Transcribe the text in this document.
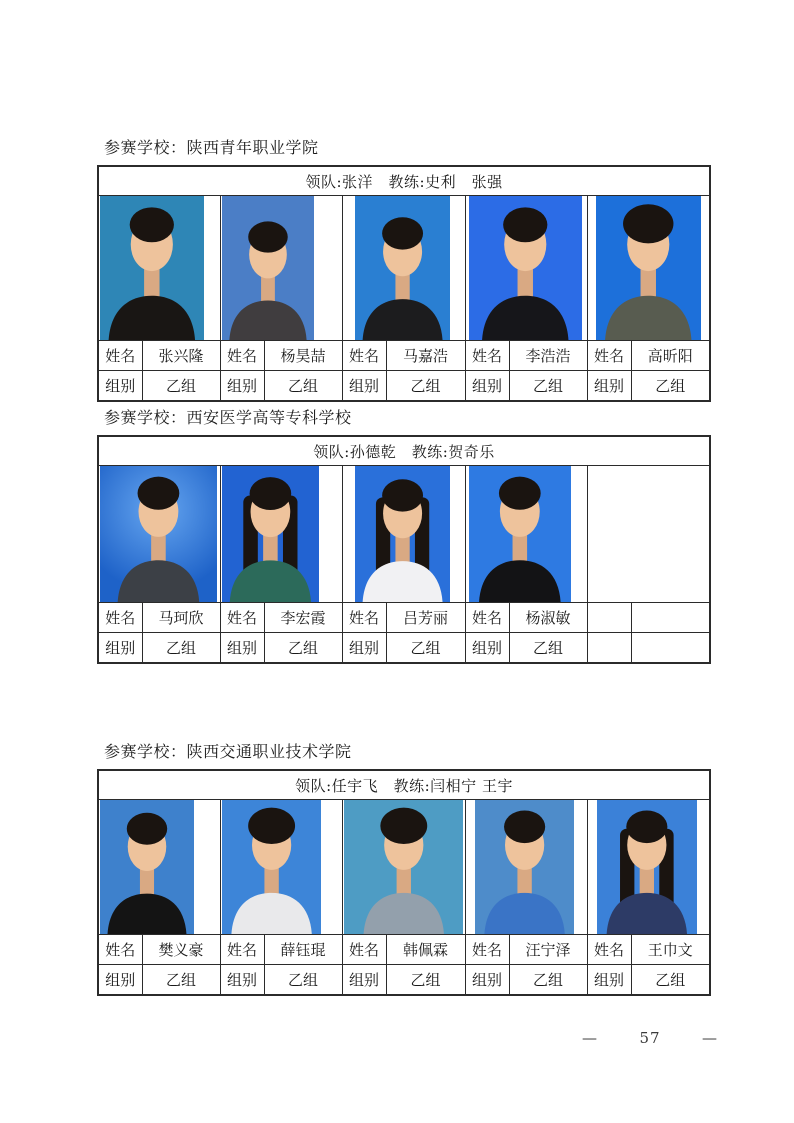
参赛学校：陕西青年职业学院
领队:张洋　教练:史利　张强									

姓名	张兴隆	姓名	杨昊喆	姓名	马嘉浩	姓名	李浩浩	姓名	高昕阳
组别	乙组	组别	乙组	组别	乙组	组别	乙组	组别	乙组
参赛学校：西安医学高等专科学校
领队:孙德乾　教练:贺奇乐									

姓名	马珂欣	姓名	李宏霞	姓名	吕芳丽	姓名	杨淑敏		
组别	乙组	组别	乙组	组别	乙组	组别	乙组		
参赛学校：陕西交通职业技术学院
领队:任宇飞　教练:闫相宁 王宇									

姓名	樊义豪	姓名	薛钰琨	姓名	韩佩霖	姓名	汪宁泽	姓名	王巾文
组别	乙组	组别	乙组	组别	乙组	组别	乙组	组别	乙组
—	57	—
